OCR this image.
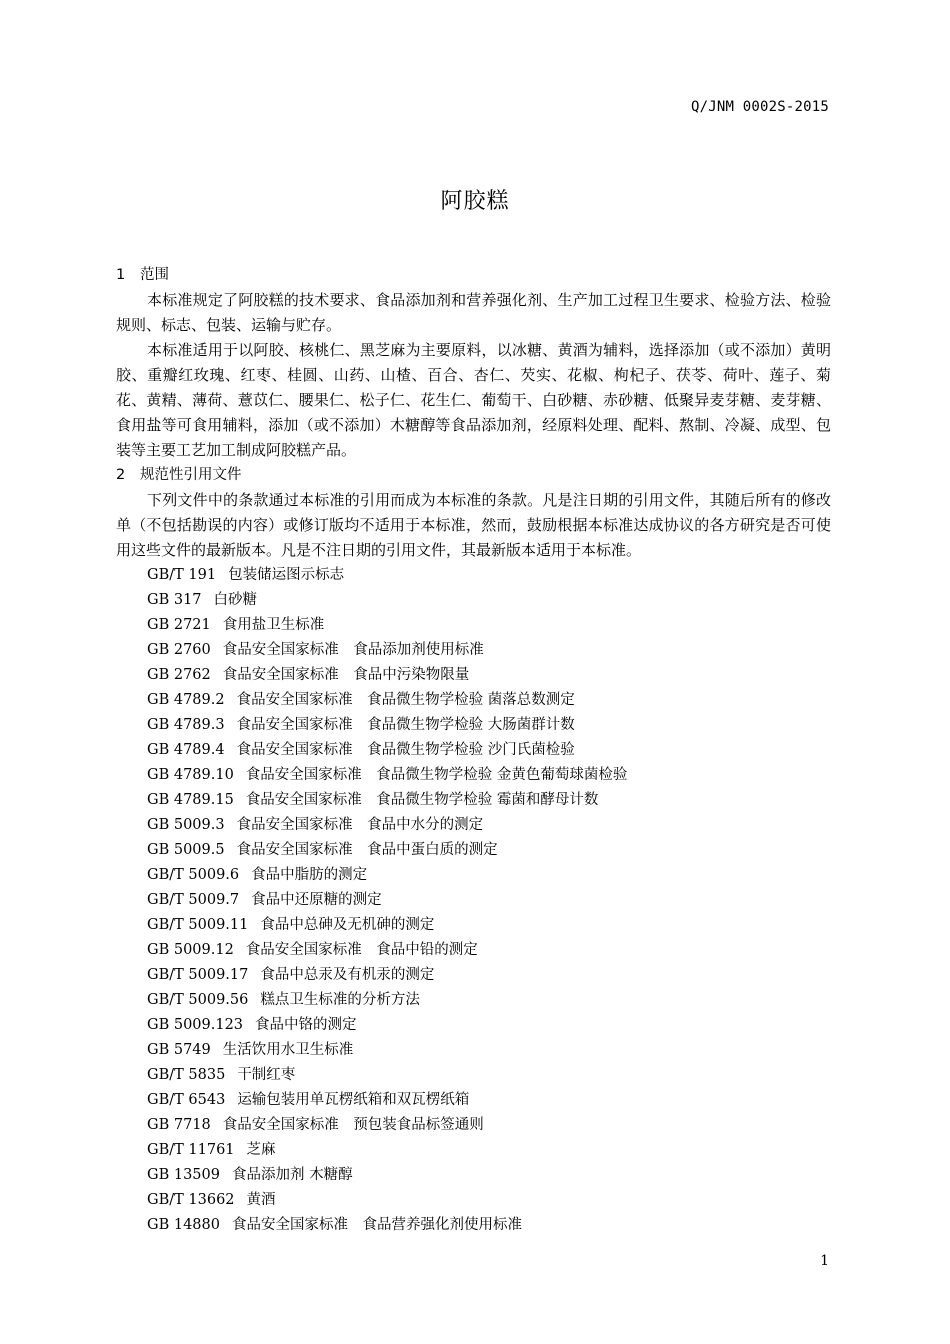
Q/JNM 0002S-2015
阿胶糕
1 范围

本标准规定了阿胶糕的技术要求、食品添加剂和营养强化剂、生产加工过程卫生要求、检验方法、检验规则、标志、包装、运输与贮存。

本标准适用于以阿胶、核桃仁、黑芝麻为主要原料，以冰糖、黄酒为辅料，选择添加（或不添加）黄明胶、重瓣红玫瑰、红枣、桂圆、山药、山楂、百合、杏仁、芡实、花椒、枸杞子、茯苓、荷叶、莲子、菊花、黄精、薄荷、薏苡仁、腰果仁、松子仁、花生仁、葡萄干、白砂糖、赤砂糖、低聚异麦芽糖、麦芽糖、食用盐等可食用辅料，添加（或不添加）木糖醇等食品添加剂，经原料处理、配料、熬制、冷凝、成型、包装等主要工艺加工制成阿胶糕产品。

2 规范性引用文件

下列文件中的条款通过本标准的引用而成为本标准的条款。凡是注日期的引用文件，其随后所有的修改单（不包括勘误的内容）或修订版均不适用于本标准，然而，鼓励根据本标准达成协议的各方研究是否可使用这些文件的最新版本。凡是不注日期的引用文件，其最新版本适用于本标准。

GB/T 191 包装储运图示标志
GB 317 白砂糖
GB 2721 食用盐卫生标准
GB 2760 食品安全国家标准　食品添加剂使用标准
GB 2762 食品安全国家标准　食品中污染物限量
GB 4789.2 食品安全国家标准　食品微生物学检验 菌落总数测定
GB 4789.3 食品安全国家标准　食品微生物学检验 大肠菌群计数
GB 4789.4 食品安全国家标准　食品微生物学检验 沙门氏菌检验
GB 4789.10 食品安全国家标准　食品微生物学检验 金黄色葡萄球菌检验
GB 4789.15 食品安全国家标准　食品微生物学检验 霉菌和酵母计数
GB 5009.3 食品安全国家标准　食品中水分的测定
GB 5009.5 食品安全国家标准　食品中蛋白质的测定
GB/T 5009.6 食品中脂肪的测定
GB/T 5009.7 食品中还原糖的测定
GB/T 5009.11 食品中总砷及无机砷的测定
GB 5009.12 食品安全国家标准　食品中铅的测定
GB/T 5009.17 食品中总汞及有机汞的测定
GB/T 5009.56 糕点卫生标准的分析方法
GB 5009.123 食品中铬的测定
GB 5749 生活饮用水卫生标准
GB/T 5835 干制红枣
GB/T 6543 运输包装用单瓦楞纸箱和双瓦楞纸箱
GB 7718 食品安全国家标准　预包装食品标签通则
GB/T 11761 芝麻
GB 13509 食品添加剂 木糖醇
GB/T 13662 黄酒
GB 14880 食品安全国家标准　食品营养强化剂使用标准
1
